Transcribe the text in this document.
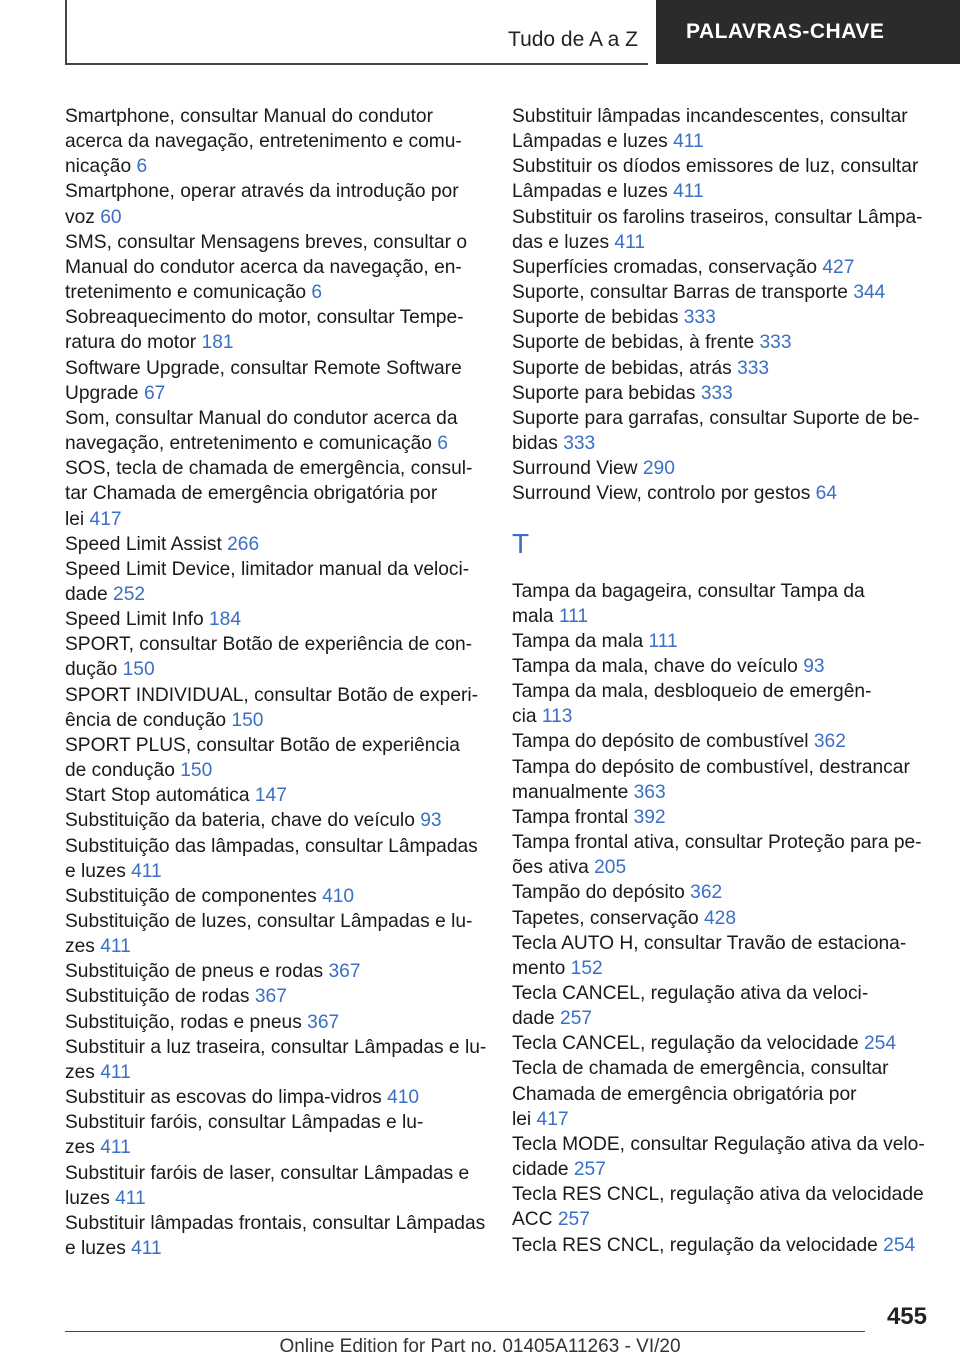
Tudo de A a Z	PALAVRAS-CHAVE
Smartphone, consultar Manual do condutor
acerca da navegação, entretenimento e comu-
nicação 6
Smartphone, operar através da introdução por
voz 60
SMS, consultar Mensagens breves, consultar o
Manual do condutor acerca da navegação, en-
tretenimento e comunicação 6
Sobreaquecimento do motor, consultar Tempe-
ratura do motor 181
Software Upgrade, consultar Remote Software
Upgrade 67
Som, consultar Manual do condutor acerca da
navegação, entretenimento e comunicação 6
SOS, tecla de chamada de emergência, consul-
tar Chamada de emergência obrigatória por
lei 417
Speed Limit Assist 266
Speed Limit Device, limitador manual da veloci-
dade 252
Speed Limit Info 184
SPORT, consultar Botão de experiência de con-
dução 150
SPORT INDIVIDUAL, consultar Botão de experi-
ência de condução 150
SPORT PLUS, consultar Botão de experiência
de condução 150
Start Stop automática 147
Substituição da bateria, chave do veículo 93
Substituição das lâmpadas, consultar Lâmpadas
e luzes 411
Substituição de componentes 410
Substituição de luzes, consultar Lâmpadas e lu-
zes 411
Substituição de pneus e rodas 367
Substituição de rodas 367
Substituição, rodas e pneus 367
Substituir a luz traseira, consultar Lâmpadas e lu-
zes 411
Substituir as escovas do limpa-vidros 410
Substituir faróis, consultar Lâmpadas e lu-
zes 411
Substituir faróis de laser, consultar Lâmpadas e
luzes 411
Substituir lâmpadas frontais, consultar Lâmpadas
e luzes 411
Substituir lâmpadas incandescentes, consultar
Lâmpadas e luzes 411
Substituir os díodos emissores de luz, consultar
Lâmpadas e luzes 411
Substituir os farolins traseiros, consultar Lâmpa-
das e luzes 411
Superfícies cromadas, conservação 427
Suporte, consultar Barras de transporte 344
Suporte de bebidas 333
Suporte de bebidas, à frente 333
Suporte de bebidas, atrás 333
Suporte para bebidas 333
Suporte para garrafas, consultar Suporte de be-
bidas 333
Surround View 290
Surround View, controlo por gestos 64
T
Tampa da bagageira, consultar Tampa da
mala 111
Tampa da mala 111
Tampa da mala, chave do veículo 93
Tampa da mala, desbloqueio de emergên-
cia 113
Tampa do depósito de combustível 362
Tampa do depósito de combustível, destrancar
manualmente 363
Tampa frontal 392
Tampa frontal ativa, consultar Proteção para pe-
ões ativa 205
Tampão do depósito 362
Tapetes, conservação 428
Tecla AUTO H, consultar Travão de estaciona-
mento 152
Tecla CANCEL, regulação ativa da veloci-
dade 257
Tecla CANCEL, regulação da velocidade 254
Tecla de chamada de emergência, consultar
Chamada de emergência obrigatória por
lei 417
Tecla MODE, consultar Regulação ativa da velo-
cidade 257
Tecla RES CNCL, regulação ativa da velocidade
ACC 257
Tecla RES CNCL, regulação da velocidade 254
455
Online Edition for Part no. 01405A11263 - VI/20
